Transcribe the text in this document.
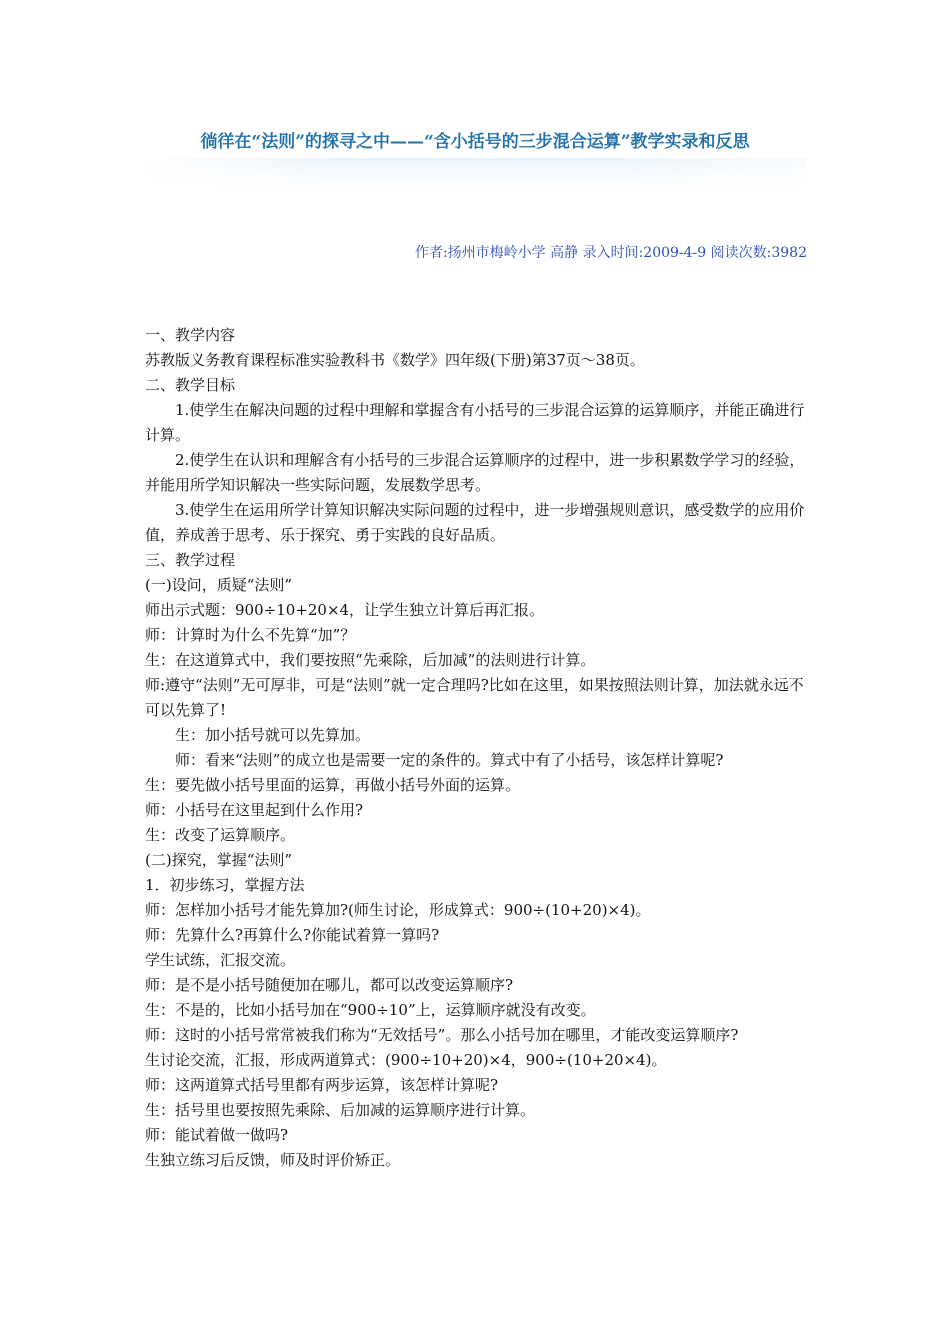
徜徉在“法则”的探寻之中——“含小括号的三步混合运算”教学实录和反思
作者:扬州市梅岭小学 高静 录入时间:2009-4-9 阅读次数:3982

一、教学内容

苏教版义务教育课程标准实验教科书《数学》四年级(下册)第37页～38页。

二、教学目标

1.使学生在解决问题的过程中理解和掌握含有小括号的三步混合运算的运算顺序，并能正确进行计算。

2.使学生在认识和理解含有小括号的三步混合运算顺序的过程中，进一步积累数学学习的经验，并能用所学知识解决一些实际问题，发展数学思考。

3.使学生在运用所学计算知识解决实际问题的过程中，进一步增强规则意识，感受数学的应用价值，养成善于思考、乐于探究、勇于实践的良好品质。

三、教学过程

(一)设问，质疑“法则”

师出示式题：900÷10+20×4，让学生独立计算后再汇报。

师：计算时为什么不先算“加”？

生：在这道算式中，我们要按照“先乘除，后加减”的法则进行计算。

师:遵守“法则”无可厚非，可是“法则”就一定合理吗?比如在这里，如果按照法则计算，加法就永远不可以先算了!

生：加小括号就可以先算加。

师：看来“法则”的成立也是需要一定的条件的。算式中有了小括号，该怎样计算呢?

生：要先做小括号里面的运算，再做小括号外面的运算。

师：小括号在这里起到什么作用?

生：改变了运算顺序。

(二)探究，掌握“法则”

1．初步练习，掌握方法

师：怎样加小括号才能先算加?(师生讨论，形成算式：900÷(10+20)×4)。

师：先算什么?再算什么?你能试着算一算吗?

学生试练，汇报交流。

师：是不是小括号随便加在哪儿，都可以改变运算顺序?

生：不是的，比如小括号加在“900÷10”上，运算顺序就没有改变。

师：这时的小括号常常被我们称为“无效括号”。那么小括号加在哪里，才能改变运算顺序?

生讨论交流，汇报，形成两道算式：(900÷10+20)×4，900÷(10+20×4)。

师：这两道算式括号里都有两步运算，该怎样计算呢?

生：括号里也要按照先乘除、后加减的运算顺序进行计算。

师：能试着做一做吗?

生独立练习后反馈，师及时评价矫正。
